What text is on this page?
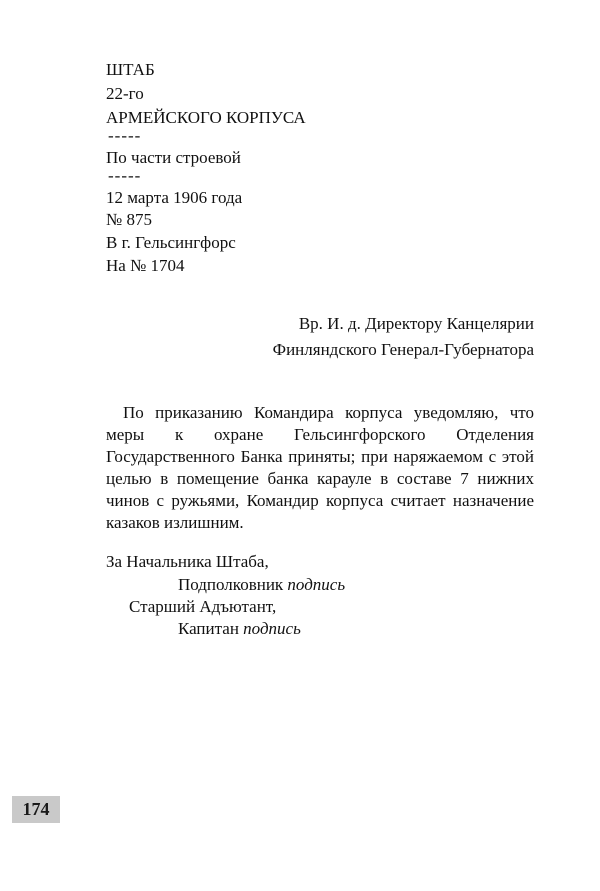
ШТАБ
22-го
АРМЕЙСКОГО КОРПУСА
-----
По части строевой
-----
12 марта 1906 года
№ 875
В г. Гельсингфорс
На № 1704
Вр. И. д. Директору Канцелярии
Финляндского Генерал-Губернатора

 По приказанию Командира корпуса уведомляю, что меры к охране Гельсингфорского Отделения Государственного Банка приняты; при наряжаемом с этой целью в помещение банка карауле в составе 7 нижних чинов с ружьями, Командир корпуса считает назначение казаков излишним.

За Начальника Штаба,
Подполковник подпись
Старший Адъютант,
Капитан подпись
174
